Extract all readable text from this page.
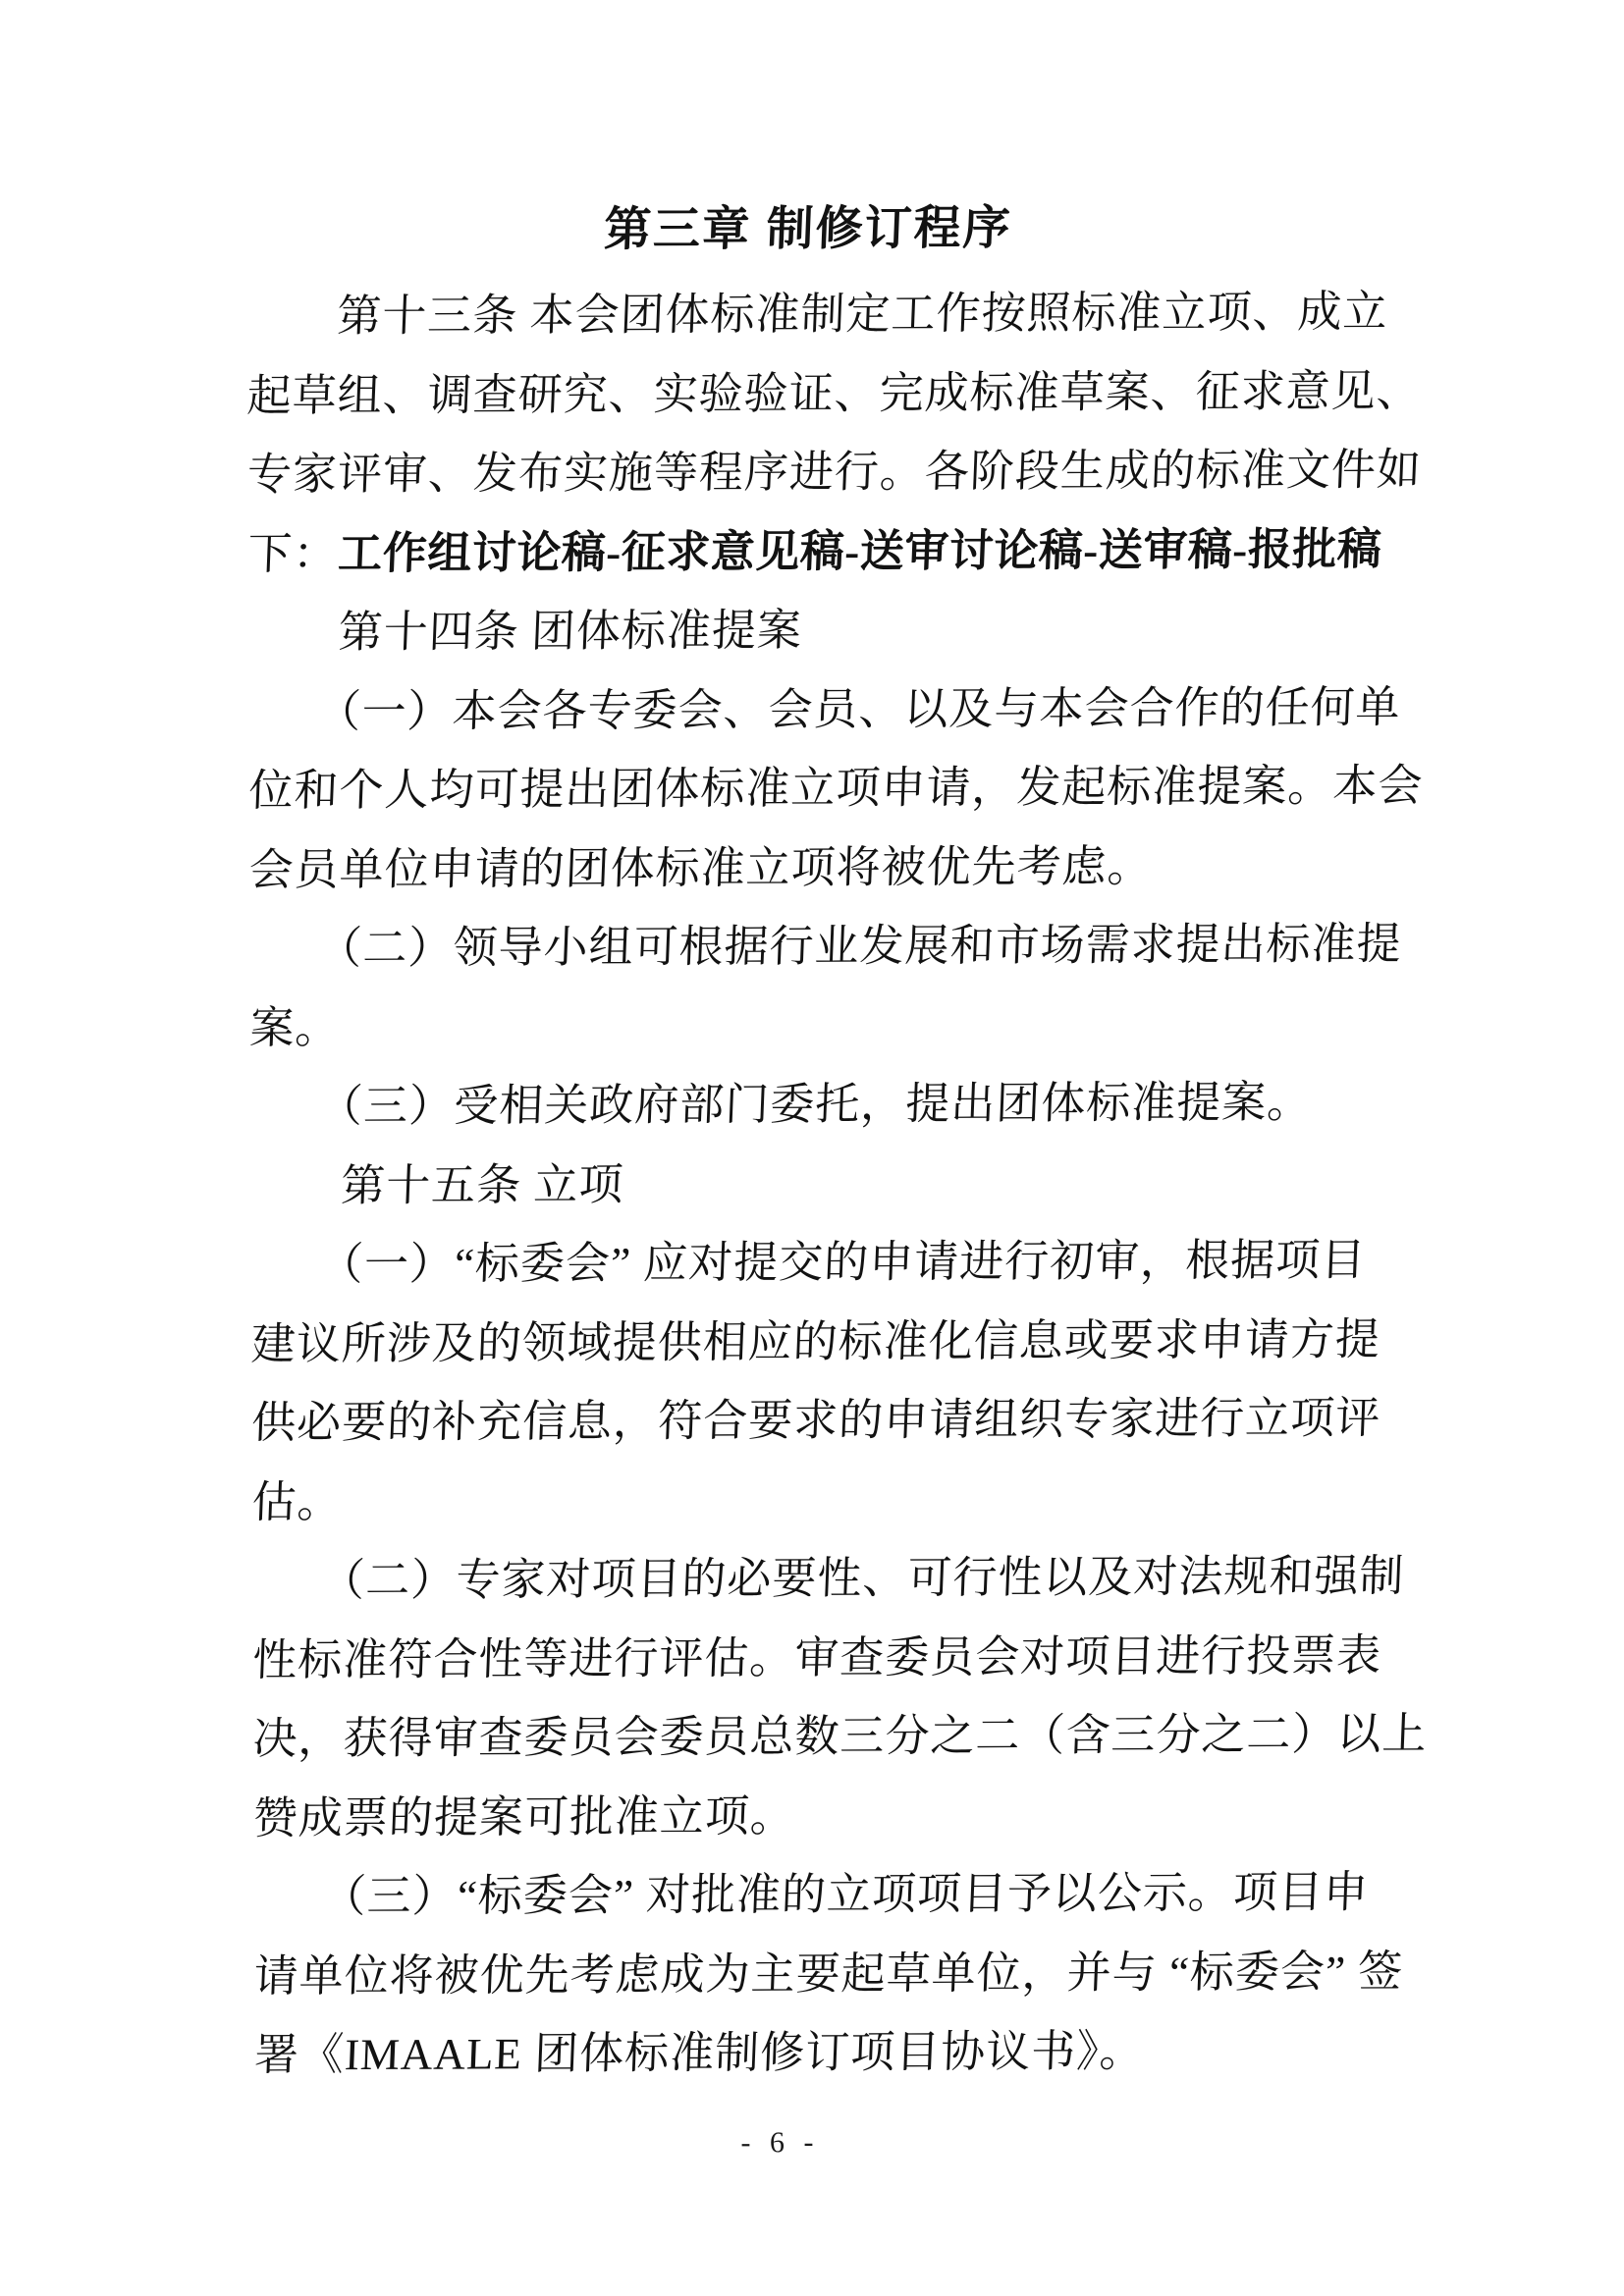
第三章 制修订程序
　　第十三条 本会团体标准制定工作按照标准立项、成立
起草组、调查研究、实验验证、完成标准草案、征求意见、
专家评审、发布实施等程序进行。各阶段生成的标准文件如
下：工作组讨论稿-征求意见稿-送审讨论稿-送审稿-报批稿
　　第十四条 团体标准提案
　　（一）本会各专委会、会员、以及与本会合作的任何单
位和个人均可提出团体标准立项申请，发起标准提案。本会
会员单位申请的团体标准立项将被优先考虑。
　　（二）领导小组可根据行业发展和市场需求提出标准提
案。
　　（三）受相关政府部门委托，提出团体标准提案。
　　第十五条 立项
　　（一）“标委会” 应对提交的申请进行初审，根据项目
建议所涉及的领域提供相应的标准化信息或要求申请方提
供必要的补充信息，符合要求的申请组织专家进行立项评
估。
　　（二）专家对项目的必要性、可行性以及对法规和强制
性标准符合性等进行评估。审查委员会对项目进行投票表
决，获得审查委员会委员总数三分之二（含三分之二）以上
赞成票的提案可批准立项。
　　（三）“标委会” 对批准的立项项目予以公示。项目申
请单位将被优先考虑成为主要起草单位，并与 “标委会” 签
署《IMAALE 团体标准制修订项目协议书》。
- 6 -
